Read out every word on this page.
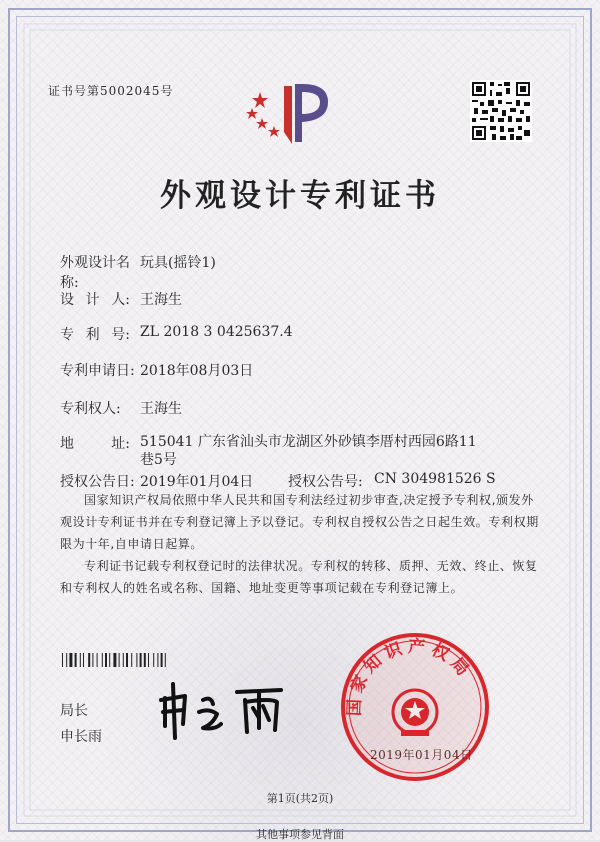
证书号第5002045号
外观设计专利证书
外观设计名称:
玩具(摇铃1)
设 计 人: 王海生
专 利 号: ZL 2018 3 0425637.4
专利申请日: 2018年08月03日
专利权人:	王海生
地	址: 515041 广东省汕头市龙湖区外砂镇李厝村西园6路11巷5号
授权公告日: 2019年01月04日	授权公告号: CN 304981526 S
国家知识产权局依照中华人民共和国专利法经过初步审查,决定授予专利权,颁发外观设计专利证书并在专利登记簿上予以登记。专利权自授权公告之日起生效。专利权期限为十年,自申请日起算。
专利证书记载专利权登记时的法律状况。专利权的转移、质押、无效、终止、恢复和专利权人的姓名或名称、国籍、地址变更等事项记载在专利登记簿上。
局长
申长雨
国家知识产权局
2019年01月04日
第1页(共2页)
其他事项参见背面
